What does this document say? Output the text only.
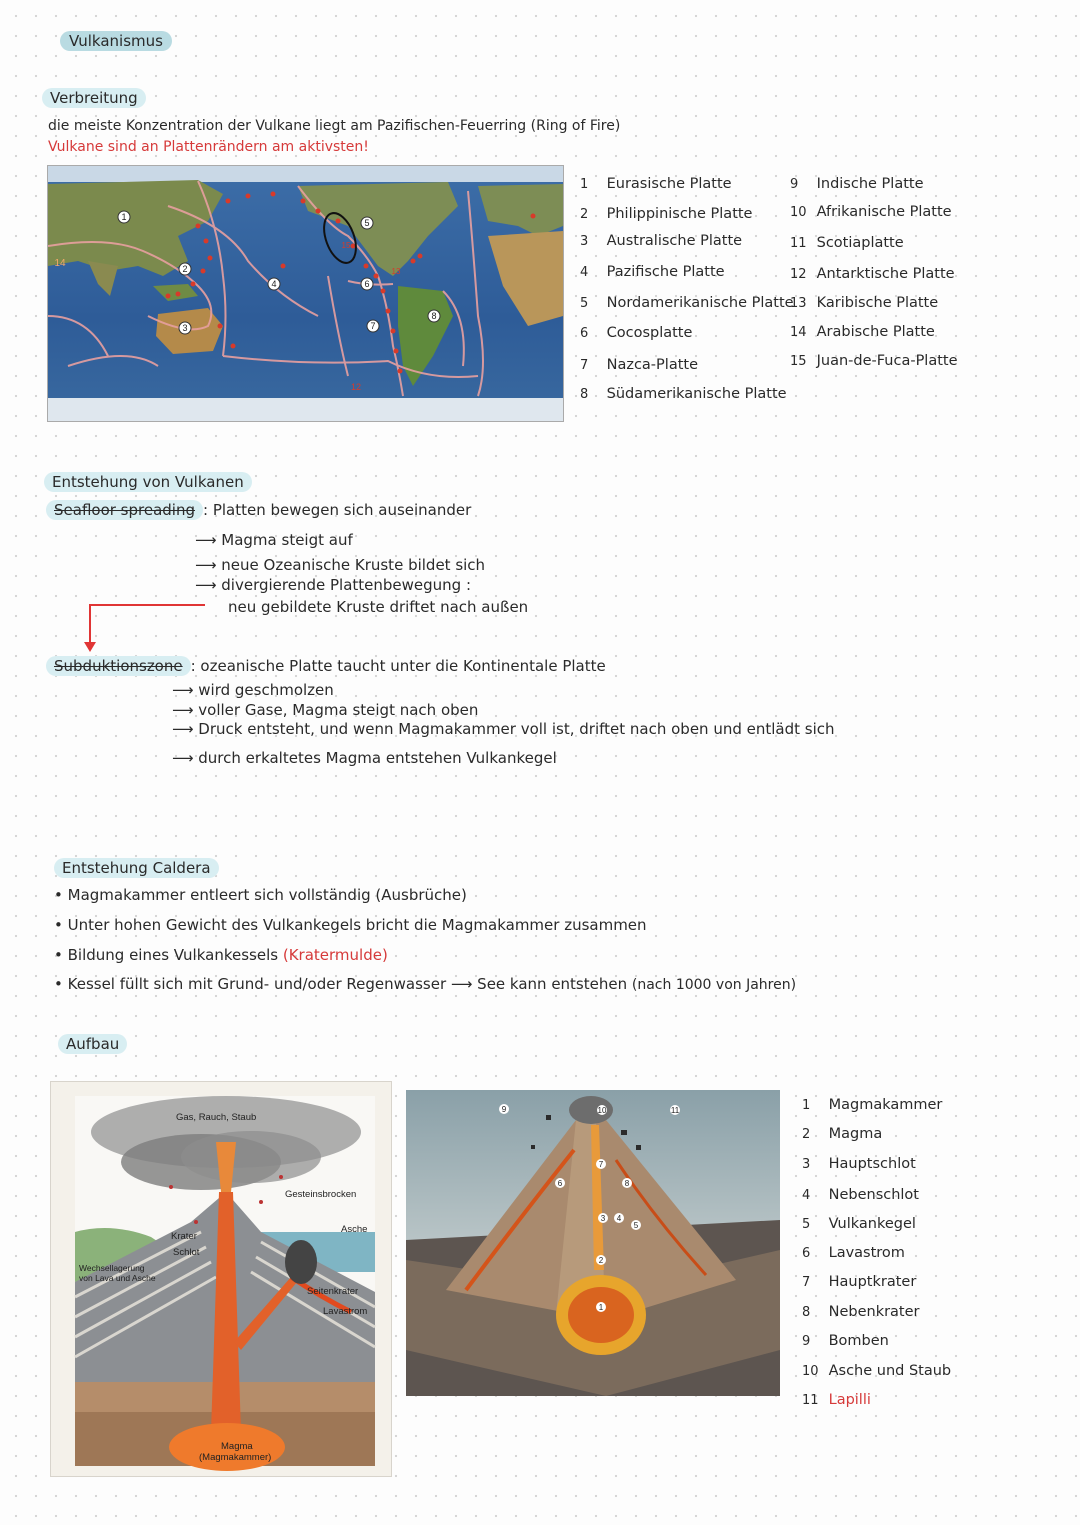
Vulkanismus
Verbreitung
die meiste Konzentration der Vulkane liegt am Pazifischen-Feuerring (Ring of Fire)
Vulkane sind an Plattenrändern am aktivsten!
1
2
3
4
5
6
7
8
14
15
12
13
1 Eurasische Platte
2 Philippinische Platte
3 Australische Platte
4 Pazifische Platte
5 Nordamerikanische Platte
6 Cocosplatte
7 Nazca-Platte
8 Südamerikanische Platte
9 Indische Platte
10 Afrikanische Platte
11 Scotiaplatte
12 Antarktische Platte
13 Karibische Platte
14 Arabische Platte
15 Juan-de-Fuca-Platte
Entstehung von Vulkanen
Seafloor spreading : Platten bewegen sich auseinander
⟶ Magma steigt auf
⟶ neue Ozeanische Kruste bildet sich
⟶ divergierende Plattenbewegung :
neu gebildete Kruste driftet nach außen
Subduktionszone : ozeanische Platte taucht unter die Kontinentale Platte
⟶ wird geschmolzen
⟶ voller Gase, Magma steigt nach oben
⟶ Druck entsteht, und wenn Magmakammer voll ist, driftet nach oben und entlädt sich
⟶ durch erkaltetes Magma entstehen Vulkankegel
Entstehung Caldera
• Magmakammer entleert sich vollständig (Ausbrüche)
• Unter hohen Gewicht des Vulkankegels bricht die Magmakammer zusammen
• Bildung eines Vulkankessels (Kratermulde)
• Kessel füllt sich mit Grund- und/oder Regenwasser ⟶ See kann entstehen (nach 1000 von Jahren)
Aufbau
Gas, Rauch, Staub
Gesteinsbrocken
Asche
Krater
Schlot
Wechsellagerung
von Lava und Asche
Seitenkrater
Lavastrom
Magma
(Magmakammer)
9	10	11
6
7
8
3 4
5
2
1
1 Magmakammer
2 Magma
3 Hauptschlot
4 Nebenschlot
5 Vulkankegel
6 Lavastrom
7 Hauptkrater
8 Nebenkrater
9 Bomben
10 Asche und Staub
11 Lapilli
